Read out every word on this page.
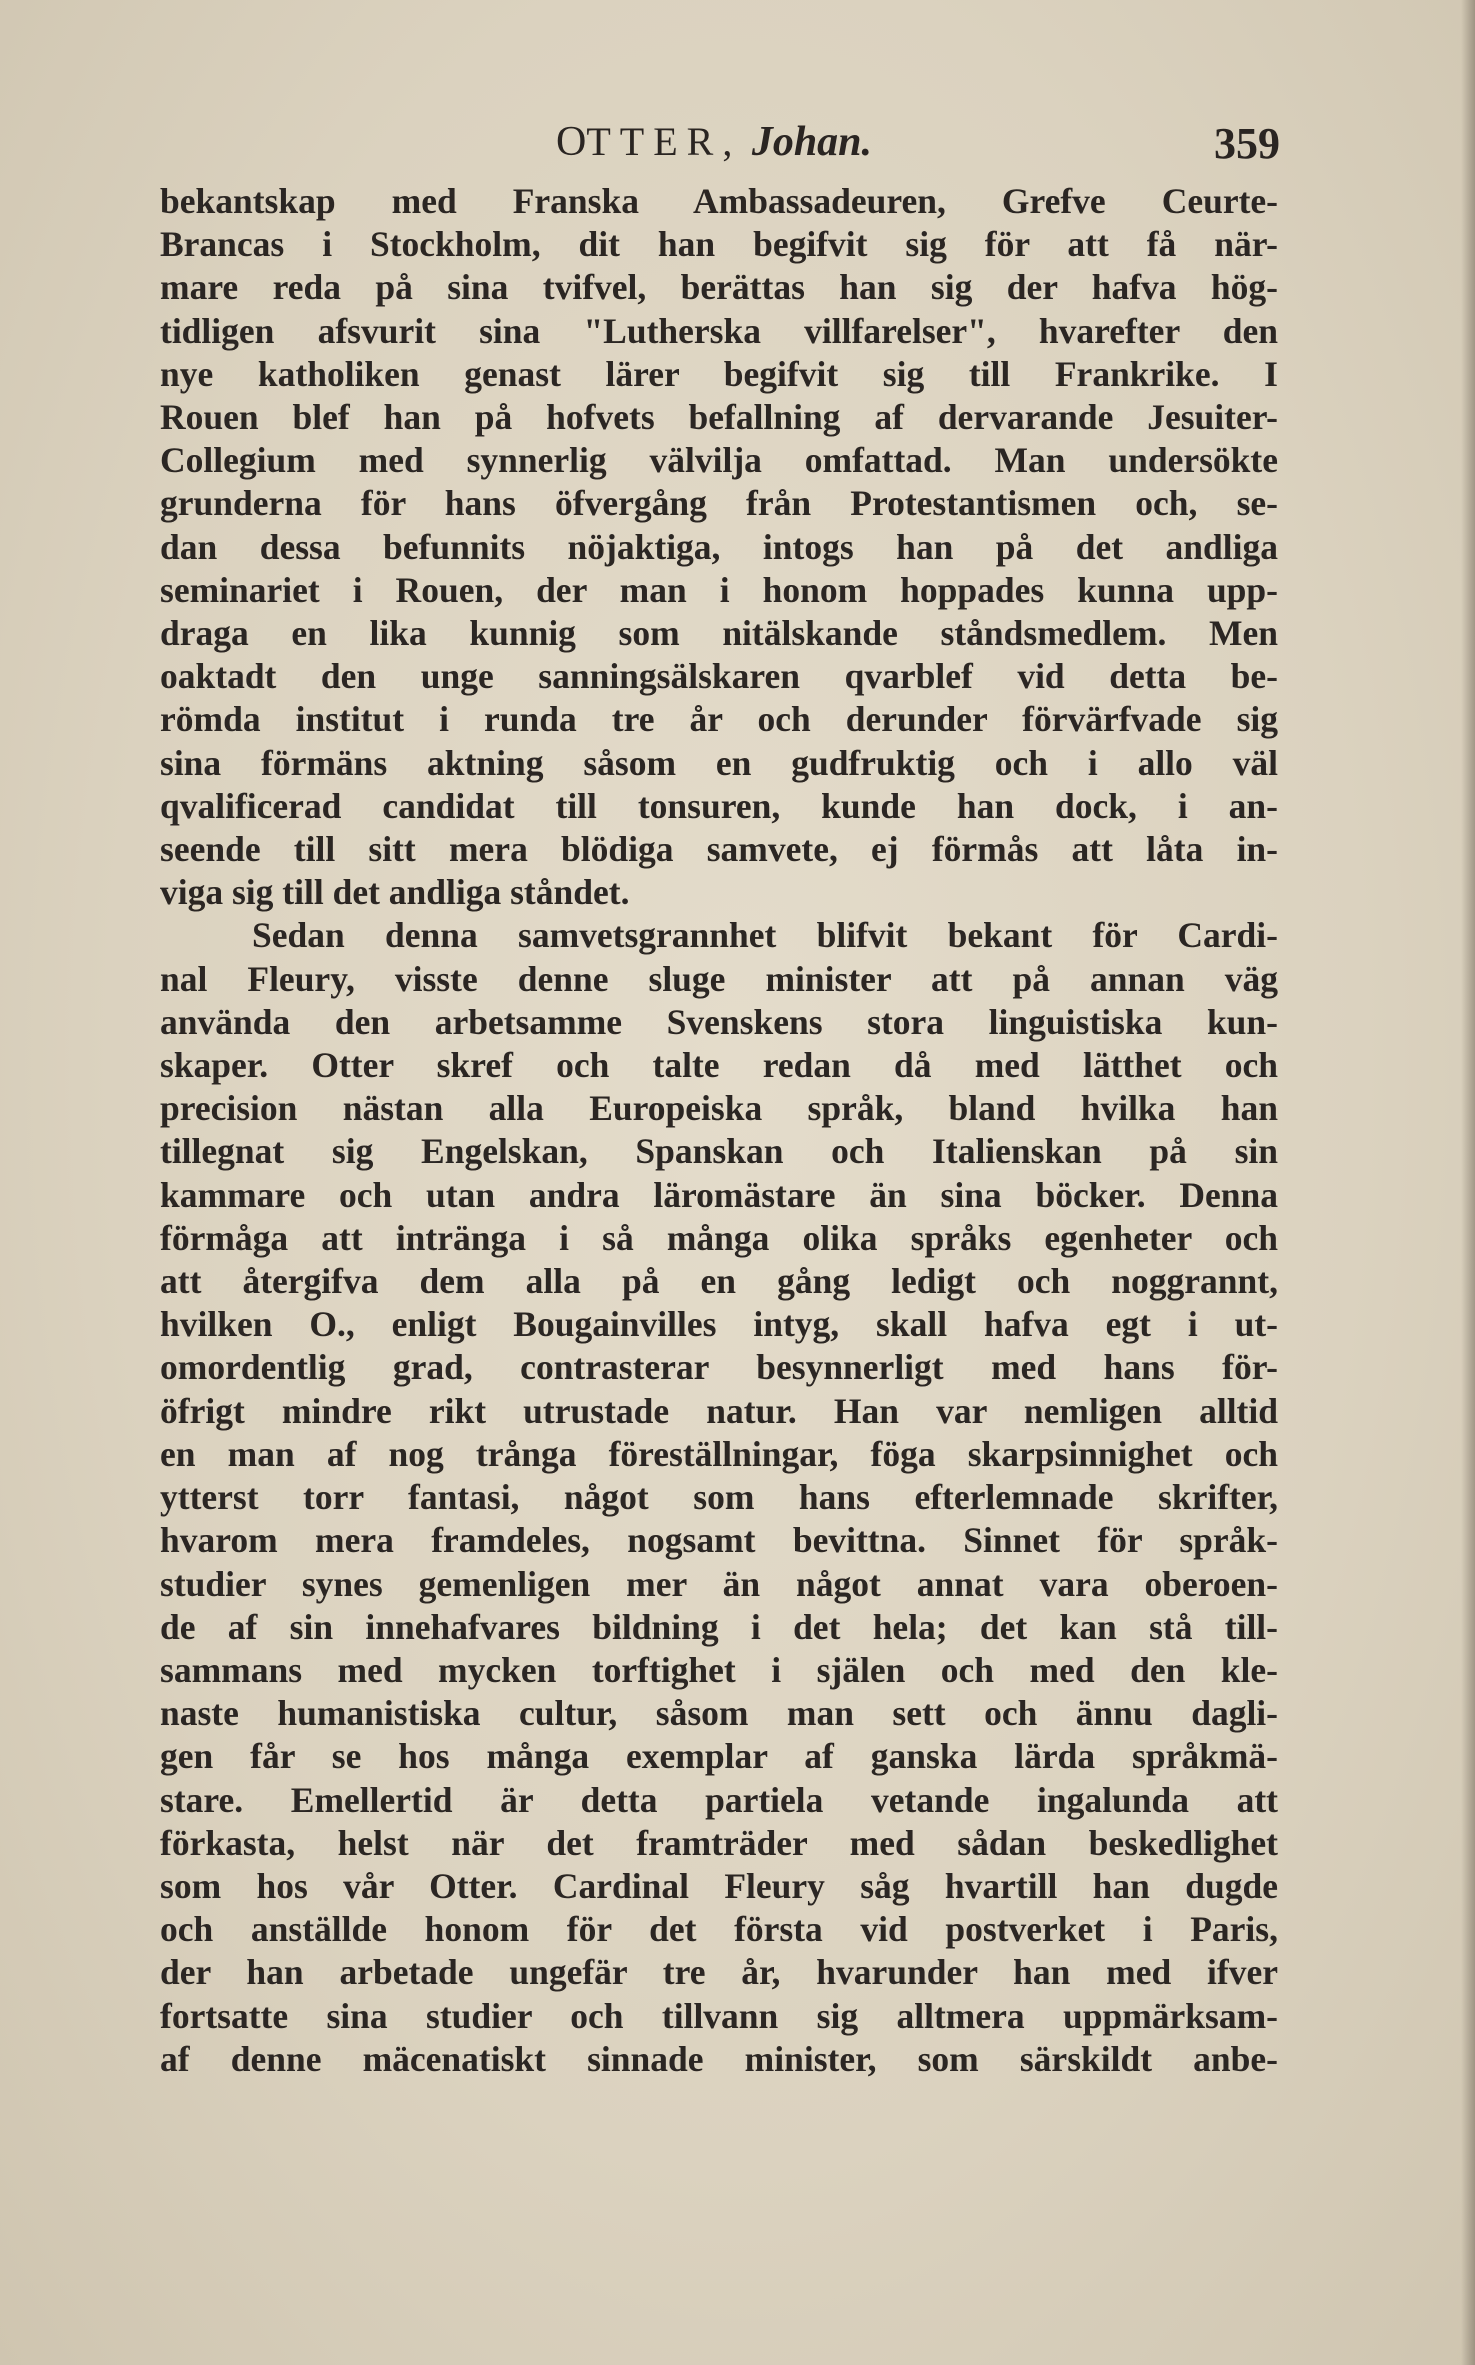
OTTER, Johan.	359
bekantskap med Franska Ambassadeuren, Grefve Ceurte-
Brancas i Stockholm, dit han begifvit sig för att få när-
mare reda på sina tvifvel, berättas han sig der hafva hög-
tidligen afsvurit sina "Lutherska villfarelser", hvarefter den
nye katholiken genast lärer begifvit sig till Frankrike. I
Rouen blef han på hofvets befallning af dervarande Jesuiter-
Collegium med synnerlig välvilja omfattad. Man undersökte
grunderna för hans öfvergång från Protestantismen och, se-
dan dessa befunnits nöjaktiga, intogs han på det andliga
seminariet i Rouen, der man i honom hoppades kunna upp-
draga en lika kunnig som nitälskande ståndsmedlem. Men
oaktadt den unge sanningsälskaren qvarblef vid detta be-
römda institut i runda tre år och derunder förvärfvade sig
sina förmäns aktning såsom en gudfruktig och i allo väl
qvalificerad candidat till tonsuren, kunde han dock, i an-
seende till sitt mera blödiga samvete, ej förmås att låta in-
viga sig till det andliga ståndet.
Sedan denna samvetsgrannhet blifvit bekant för Cardi-
nal Fleury, visste denne sluge minister att på annan väg
använda den arbetsamme Svenskens stora linguistiska kun-
skaper. Otter skref och talte redan då med lätthet och
precision nästan alla Europeiska språk, bland hvilka han
tillegnat sig Engelskan, Spanskan och Italienskan på sin
kammare och utan andra läromästare än sina böcker. Denna
förmåga att intränga i så många olika språks egenheter och
att återgifva dem alla på en gång ledigt och noggrannt,
hvilken O., enligt Bougainvilles intyg, skall hafva egt i ut-
omordentlig grad, contrasterar besynnerligt med hans för-
öfrigt mindre rikt utrustade natur. Han var nemligen alltid
en man af nog trånga föreställningar, föga skarpsinnighet och
ytterst torr fantasi, något som hans efterlemnade skrifter,
hvarom mera framdeles, nogsamt bevittna. Sinnet för språk-
studier synes gemenligen mer än något annat vara oberoen-
de af sin innehafvares bildning i det hela; det kan stå till-
sammans med mycken torftighet i själen och med den kle-
naste humanistiska cultur, såsom man sett och ännu dagli-
gen får se hos många exemplar af ganska lärda språkmä-
stare. Emellertid är detta partiela vetande ingalunda att
förkasta, helst när det framträder med sådan beskedlighet
som hos vår Otter. Cardinal Fleury såg hvartill han dugde
och anställde honom för det första vid postverket i Paris,
der han arbetade ungefär tre år, hvarunder han med ifver
fortsatte sina studier och tillvann sig alltmera uppmärksam-
af denne mäcenatiskt sinnade minister, som särskildt anbe-
